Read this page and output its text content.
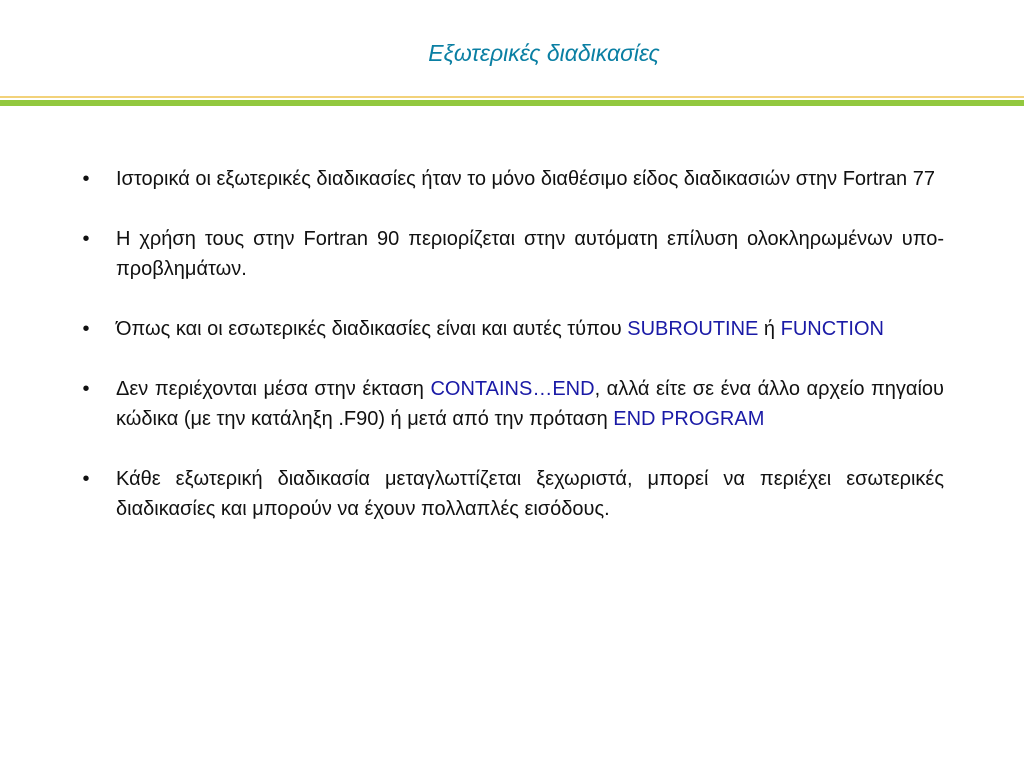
Εξωτερικές διαδικασίες
•	Ιστορικά οι εξωτερικές διαδικασίες ήταν το μόνο διαθέσιμο είδος διαδικασιών στην Fortran 77
•	Η χρήση τους στην Fortran 90 περιορίζεται στην αυτόματη επίλυση ολοκληρωμένων υπο-προβλημάτων.
•	Όπως και οι εσωτερικές διαδικασίες είναι και αυτές τύπου SUBROUTINE ή FUNCTION
•	Δεν περιέχονται μέσα στην έκταση CONTAINS…END, αλλά είτε σε ένα άλλο αρχείο πηγαίου κώδικα (με την κατάληξη .F90) ή μετά από την πρόταση END PROGRAM
•	Κάθε εξωτερική διαδικασία μεταγλωττίζεται ξεχωριστά, μπορεί να περιέχει εσωτερικές διαδικασίες και μπορούν να έχουν πολλαπλές εισόδους.
